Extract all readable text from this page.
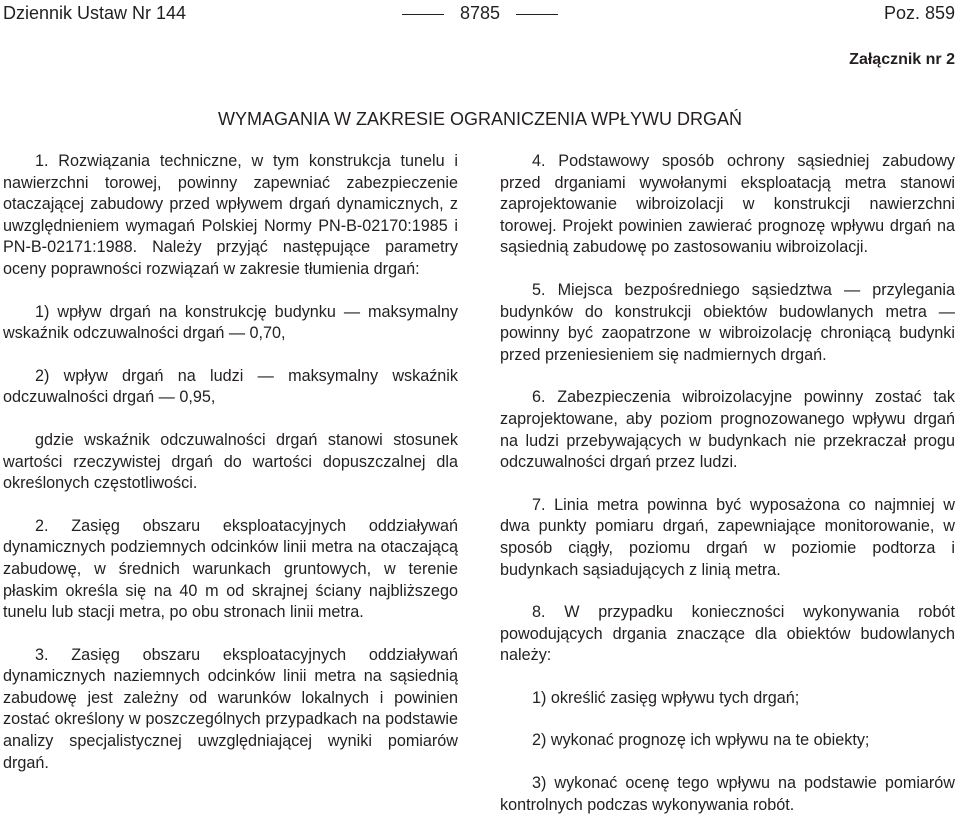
Dziennik Ustaw Nr 144	8785	Poz. 859
Załącznik nr 2
WYMAGANIA W ZAKRESIE OGRANICZENIA WPŁYWU DRGAŃ

1. Rozwiązania techniczne, w tym konstrukcja tunelu i nawierzchni torowej, powinny zapewniać zabezpieczenie otaczającej zabudowy przed wpływem drgań dynamicznych, z uwzględnieniem wymagań Polskiej Normy PN-B-02170:1985 i PN-B-02171:1988. Należy przyjąć następujące parametry oceny poprawności rozwiązań w zakresie tłumienia drgań:

1) wpływ drgań na konstrukcję budynku — maksymalny wskaźnik odczuwalności drgań — 0,70,

2) wpływ drgań na ludzi — maksymalny wskaźnik odczuwalności drgań — 0,95,

gdzie wskaźnik odczuwalności drgań stanowi stosunek wartości rzeczywistej drgań do wartości dopuszczalnej dla określonych częstotliwości.

2. Zasięg obszaru eksploatacyjnych oddziaływań dynamicznych podziemnych odcinków linii metra na otaczającą zabudowę, w średnich warunkach gruntowych, w terenie płaskim określa się na 40 m od skrajnej ściany najbliższego tunelu lub stacji metra, po obu stronach linii metra.

3. Zasięg obszaru eksploatacyjnych oddziaływań dynamicznych naziemnych odcinków linii metra na sąsiednią zabudowę jest zależny od warunków lokalnych i powinien zostać określony w poszczególnych przypadkach na podstawie analizy specjalistycznej uwzględniającej wyniki pomiarów drgań.

4. Podstawowy sposób ochrony sąsiedniej zabudowy przed drganiami wywołanymi eksploatacją metra stanowi zaprojektowanie wibroizolacji w konstrukcji nawierzchni torowej. Projekt powinien zawierać prognozę wpływu drgań na sąsiednią zabudowę po zastosowaniu wibroizolacji.

5. Miejsca bezpośredniego sąsiedztwa — przylegania budynków do konstrukcji obiektów budowlanych metra — powinny być zaopatrzone w wibroizolację chroniącą budynki przed przeniesieniem się nadmiernych drgań.

6. Zabezpieczenia wibroizolacyjne powinny zostać tak zaprojektowane, aby poziom prognozowanego wpływu drgań na ludzi przebywających w budynkach nie przekraczał progu odczuwalności drgań przez ludzi.

7. Linia metra powinna być wyposażona co najmniej w dwa punkty pomiaru drgań, zapewniające monitorowanie, w sposób ciągły, poziomu drgań w poziomie podtorza i budynkach sąsiadujących z linią metra.

8. W przypadku konieczności wykonywania robót powodujących drgania znaczące dla obiektów budowlanych należy:

1) określić zasięg wpływu tych drgań;

2) wykonać prognozę ich wpływu na te obiekty;

3) wykonać ocenę tego wpływu na podstawie pomiarów kontrolnych podczas wykonywania robót.
